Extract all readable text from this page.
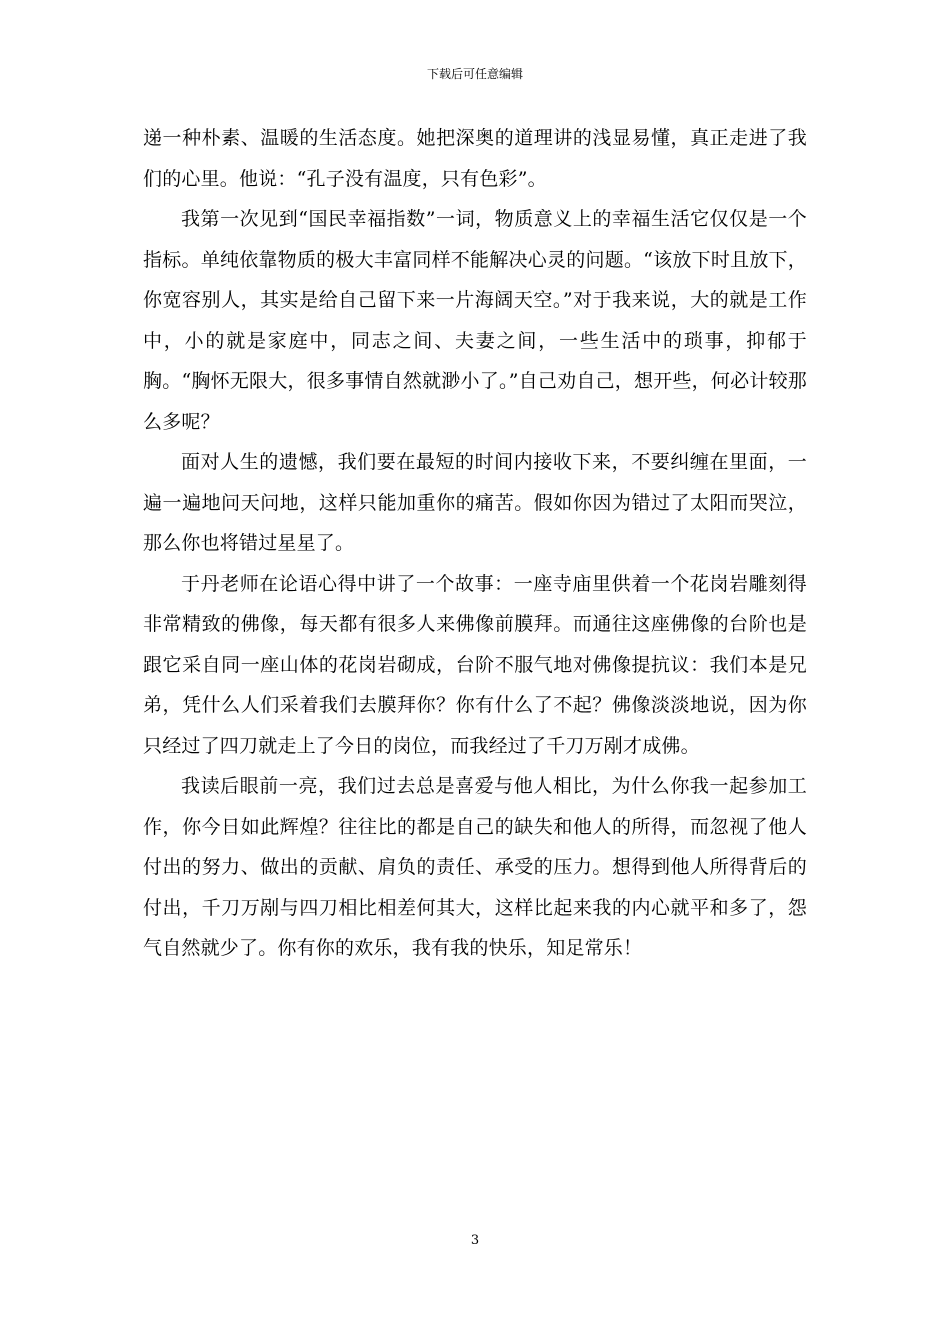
下载后可任意编辑

递一种朴素、温暖的生活态度。她把深奥的道理讲的浅显易懂，真正走进了我们的心里。他说：“孔子没有温度，只有色彩”。

我第一次见到“国民幸福指数”一词，物质意义上的幸福生活它仅仅是一个指标。单纯依靠物质的极大丰富同样不能解决心灵的问题。“该放下时且放下，你宽容别人，其实是给自己留下来一片海阔天空。”对于我来说，大的就是工作中，小的就是家庭中，同志之间、夫妻之间，一些生活中的琐事，抑郁于胸。“胸怀无限大，很多事情自然就渺小了。”自己劝自己，想开些，何必计较那么多呢？

面对人生的遗憾，我们要在最短的时间内接收下来，不要纠缠在里面，一遍一遍地问天问地，这样只能加重你的痛苦。假如你因为错过了太阳而哭泣，那么你也将错过星星了。

于丹老师在论语心得中讲了一个故事：一座寺庙里供着一个花岗岩雕刻得非常精致的佛像，每天都有很多人来佛像前膜拜。而通往这座佛像的台阶也是跟它采自同一座山体的花岗岩砌成，台阶不服气地对佛像提抗议：我们本是兄弟，凭什么人们采着我们去膜拜你？你有什么了不起？佛像淡淡地说，因为你只经过了四刀就走上了今日的岗位，而我经过了千刀万剐才成佛。

我读后眼前一亮，我们过去总是喜爱与他人相比，为什么你我一起参加工作，你今日如此辉煌？往往比的都是自己的缺失和他人的所得，而忽视了他人付出的努力、做出的贡献、肩负的责任、承受的压力。想得到他人所得背后的付出，千刀万剐与四刀相比相差何其大，这样比起来我的内心就平和多了，怨气自然就少了。你有你的欢乐，我有我的快乐，知足常乐！

3
